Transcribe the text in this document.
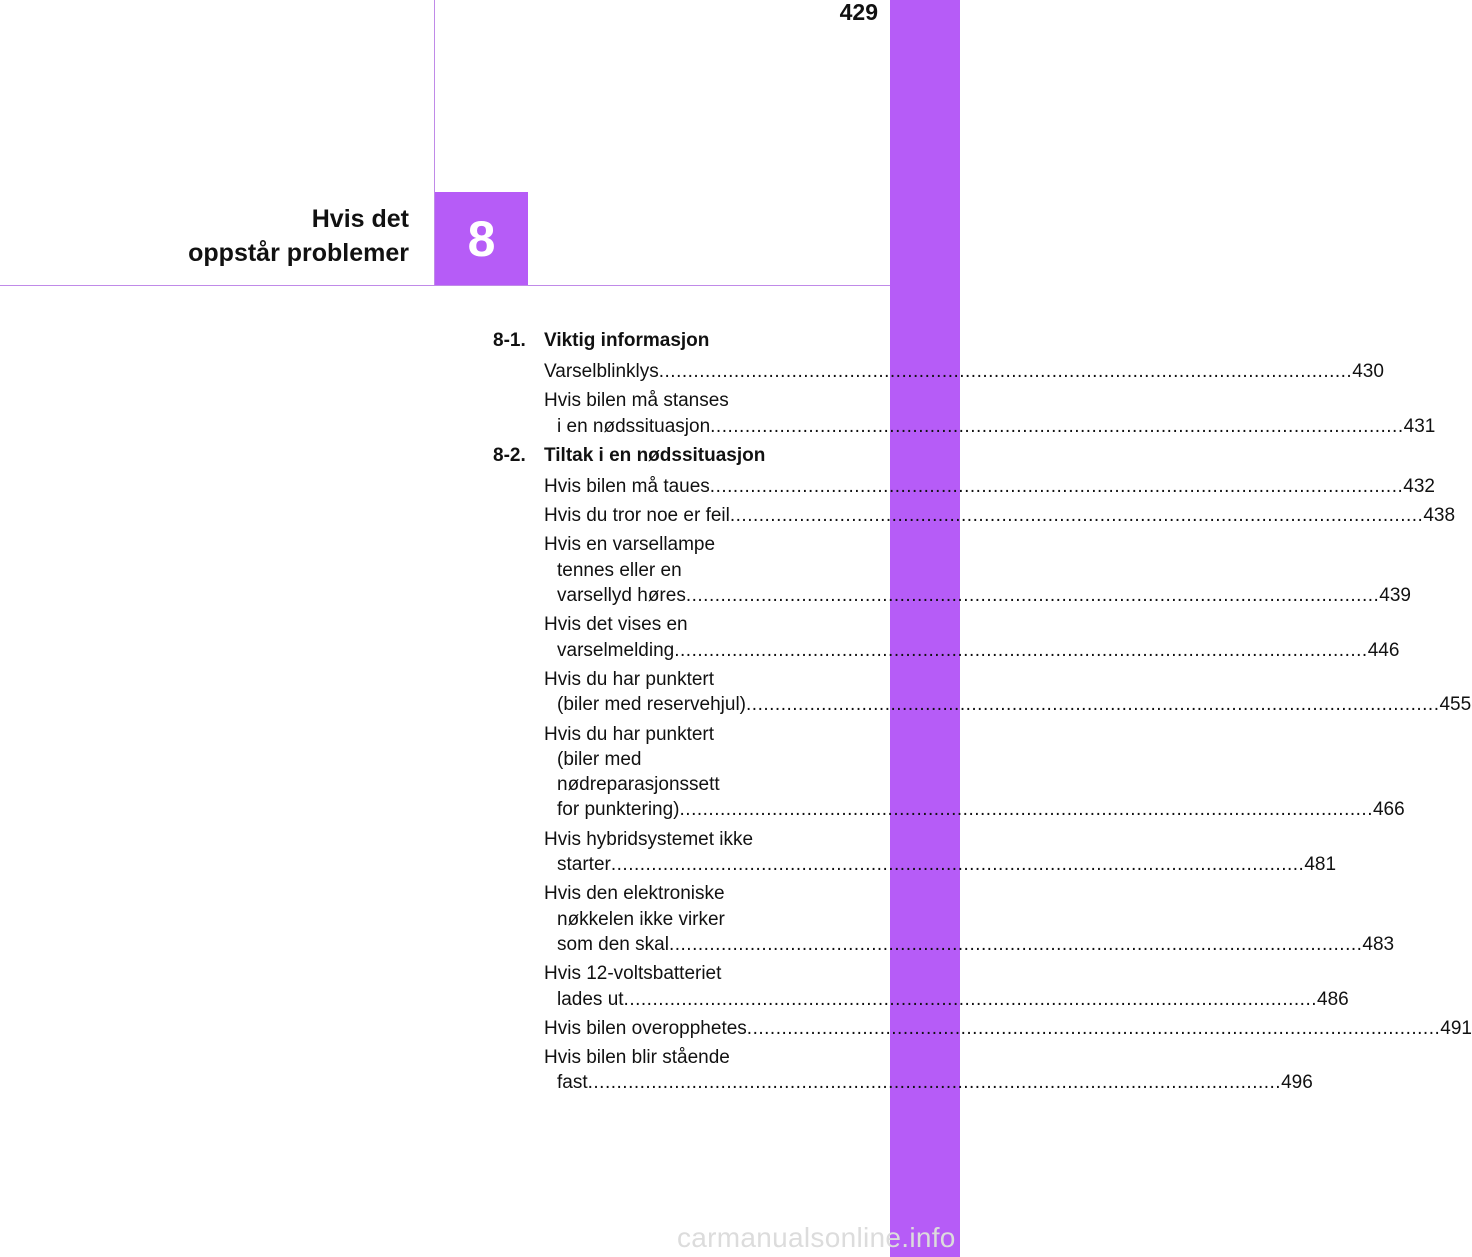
429
Hvis det
oppstår problemer 8
8-1. Viktig informasjon
Varselblinklys ........................................................................................................................ 430
Hvis bilen må stanses
i en nødssituasjon ........................................................................................................................ 431
8-2. Tiltak i en nødssituasjon
Hvis bilen må taues ........................................................................................................................ 432
Hvis du tror noe er feil ........................................................................................................................ 438
Hvis en varsellampe
tennes eller en
varsellyd høres ........................................................................................................................ 439
Hvis det vises en
varselmelding ........................................................................................................................ 446
Hvis du har punktert
(biler med reservehjul) ........................................................................................................................ 455
Hvis du har punktert
(biler med
nødreparasjonssett
for punktering) ........................................................................................................................ 466
Hvis hybridsystemet ikke
starter ........................................................................................................................ 481
Hvis den elektroniske
nøkkelen ikke virker
som den skal ........................................................................................................................ 483
Hvis 12-voltsbatteriet
lades ut ........................................................................................................................ 486
Hvis bilen overopphetes ........................................................................................................................ 491
Hvis bilen blir stående
fast ........................................................................................................................ 496
carmanualsonline.info
